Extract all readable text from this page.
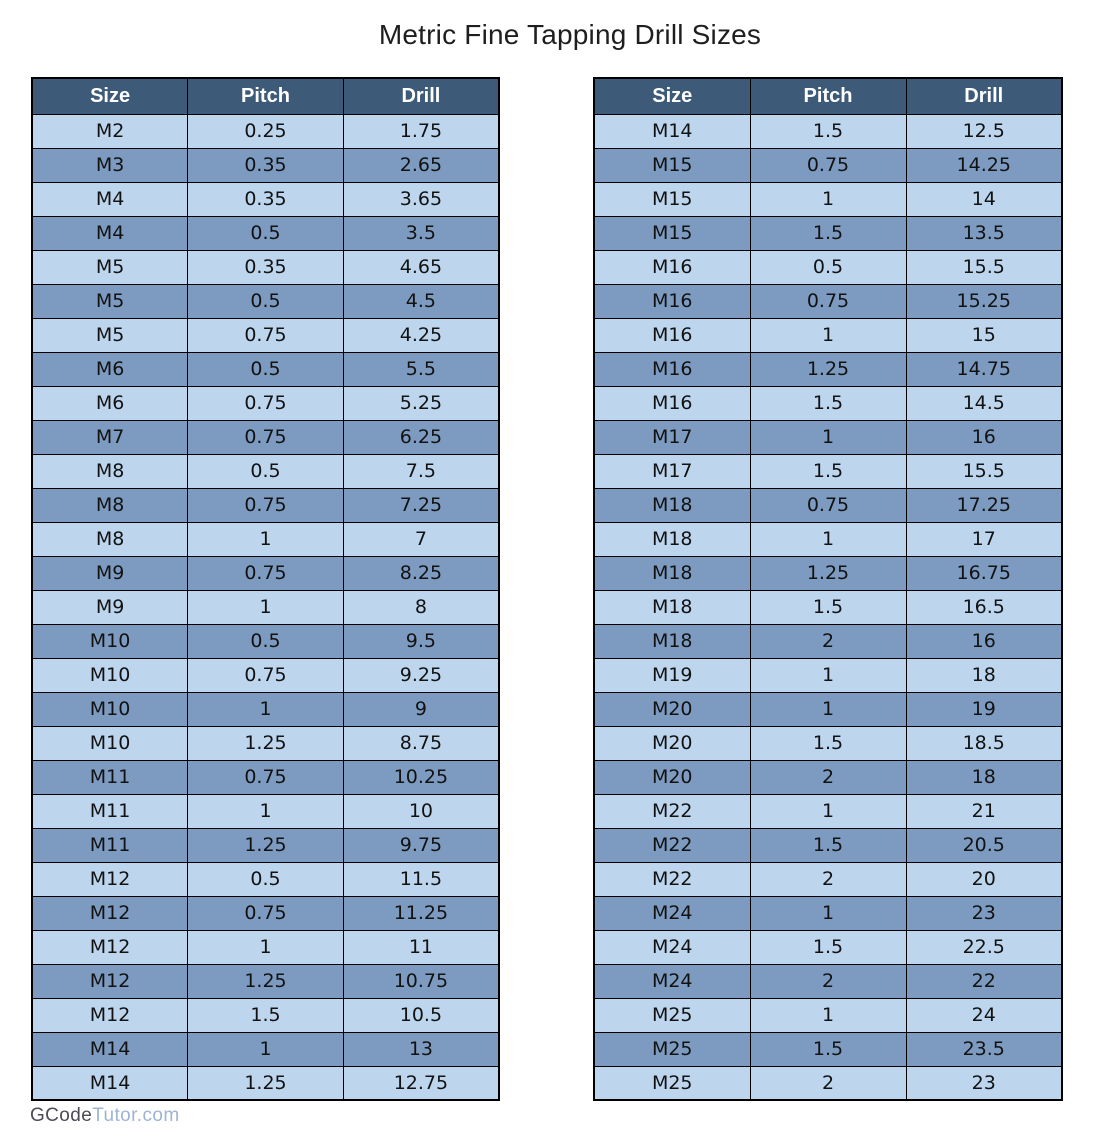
Metric Fine Tapping Drill Sizes
Size	Pitch	Drill
M2	0.25	1.75
M3	0.35	2.65
M4	0.35	3.65
M4	0.5	3.5
M5	0.35	4.65
M5	0.5	4.5
M5	0.75	4.25
M6	0.5	5.5
M6	0.75	5.25
M7	0.75	6.25
M8	0.5	7.5
M8	0.75	7.25
M8	1	7
M9	0.75	8.25
M9	1	8
M10	0.5	9.5
M10	0.75	9.25
M10	1	9
M10	1.25	8.75
M11	0.75	10.25
M11	1	10
M11	1.25	9.75
M12	0.5	11.5
M12	0.75	11.25
M12	1	11
M12	1.25	10.75
M12	1.5	10.5
M14	1	13
M14	1.25	12.75
Size	Pitch	Drill
M14	1.5	12.5
M15	0.75	14.25
M15	1	14
M15	1.5	13.5
M16	0.5	15.5
M16	0.75	15.25
M16	1	15
M16	1.25	14.75
M16	1.5	14.5
M17	1	16
M17	1.5	15.5
M18	0.75	17.25
M18	1	17
M18	1.25	16.75
M18	1.5	16.5
M18	2	16
M19	1	18
M20	1	19
M20	1.5	18.5
M20	2	18
M22	1	21
M22	1.5	20.5
M22	2	20
M24	1	23
M24	1.5	22.5
M24	2	22
M25	1	24
M25	1.5	23.5
M25	2	23
GCodeTutor.com
